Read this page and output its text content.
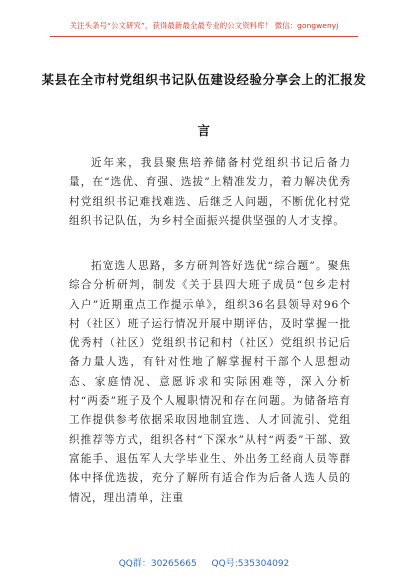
关注头条号“公文研究”，获得最新最全最专业的公文资料库！ 微信：gongwenyj
某县在全市村党组织书记队伍建设经验分享会上的汇报发
言

近年来，我县聚焦培养储备村党组织书记后备力量，在“选优、育强、选拔”上精准发力，着力解决优秀村党组织书记难找难选、后继乏人问题，不断优化村党组织书记队伍，为乡村全面振兴提供坚强的人才支撑。

拓宽选人思路，多方研判答好选优“综合题”。聚焦综合分析研判，制发《关于县四大班子成员“包乡走村入户”近期重点工作提示单》，组织36名县领导对96个村（社区）班子运行情况开展中期评估，及时掌握一批优秀村（社区）党组织书记和村（社区）党组织书记后备力量人选，有针对性地了解掌握村干部个人思想动态、家庭情况、意愿诉求和实际困难等，深入分析村“两委”班子及个人履职情况和存在问题。为储备培育工作提供参考依据采取因地制宜选、人才回流引、党组织推荐等方式，组织各村“下深水”从村“两委”干部、致富能手、退伍军人大学毕业生、外出务工经商人员等群体中择优选拔，充分了解所有适合作为后备人选人员的情况，理出清单，注重

QQ群：30265665 QQ号:535304092
